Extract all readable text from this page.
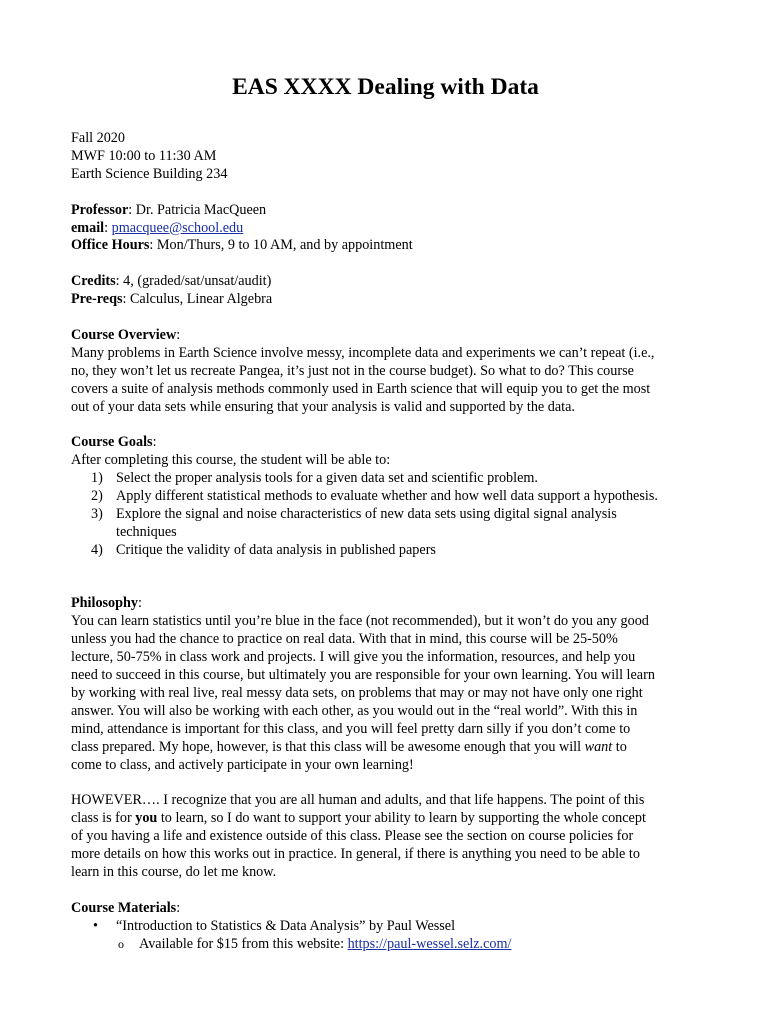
EAS XXXX Dealing with Data

Fall 2020

MWF 10:00 to 11:30 AM

Earth Science Building 234

Professor: Dr. Patricia MacQueen

email: pmacquee@school.edu

Office Hours: Mon/Thurs, 9 to 10 AM, and by appointment

Credits: 4, (graded/sat/unsat/audit)

Pre-reqs: Calculus, Linear Algebra

Course Overview:

Many problems in Earth Science involve messy, incomplete data and experiments we can’t repeat (i.e.,

no, they won’t let us recreate Pangea, it’s just not in the course budget). So what to do? This course

covers a suite of analysis methods commonly used in Earth science that will equip you to get the most

out of your data sets while ensuring that your analysis is valid and supported by the data.

Course Goals:

After completing this course, the student will be able to:

1) Select the proper analysis tools for a given data set and scientific problem.
2) Apply different statistical methods to evaluate whether and how well data support a hypothesis.
3) Explore the signal and noise characteristics of new data sets using digital signal analysis
techniques
4) Critique the validity of data analysis in published papers

Philosophy:

You can learn statistics until you’re blue in the face (not recommended), but it won’t do you any good

unless you had the chance to practice on real data. With that in mind, this course will be 25-50%

lecture, 50-75% in class work and projects. I will give you the information, resources, and help you

need to succeed in this course, but ultimately you are responsible for your own learning. You will learn

by working with real live, real messy data sets, on problems that may or may not have only one right

answer. You will also be working with each other, as you would out in the “real world”. With this in

mind, attendance is important for this class, and you will feel pretty darn silly if you don’t come to

class prepared. My hope, however, is that this class will be awesome enough that you will want to

come to class, and actively participate in your own learning!

HOWEVER…. I recognize that you are all human and adults, and that life happens. The point of this

class is for you to learn, so I do want to support your ability to learn by supporting the whole concept

of you having a life and existence outside of this class. Please see the section on course policies for

more details on how this works out in practice. In general, if there is anything you need to be able to

learn in this course, do let me know.

Course Materials:

• “Introduction to Statistics & Data Analysis” by Paul Wessel
o Available for $15 from this website: https://paul-wessel.selz.com/
